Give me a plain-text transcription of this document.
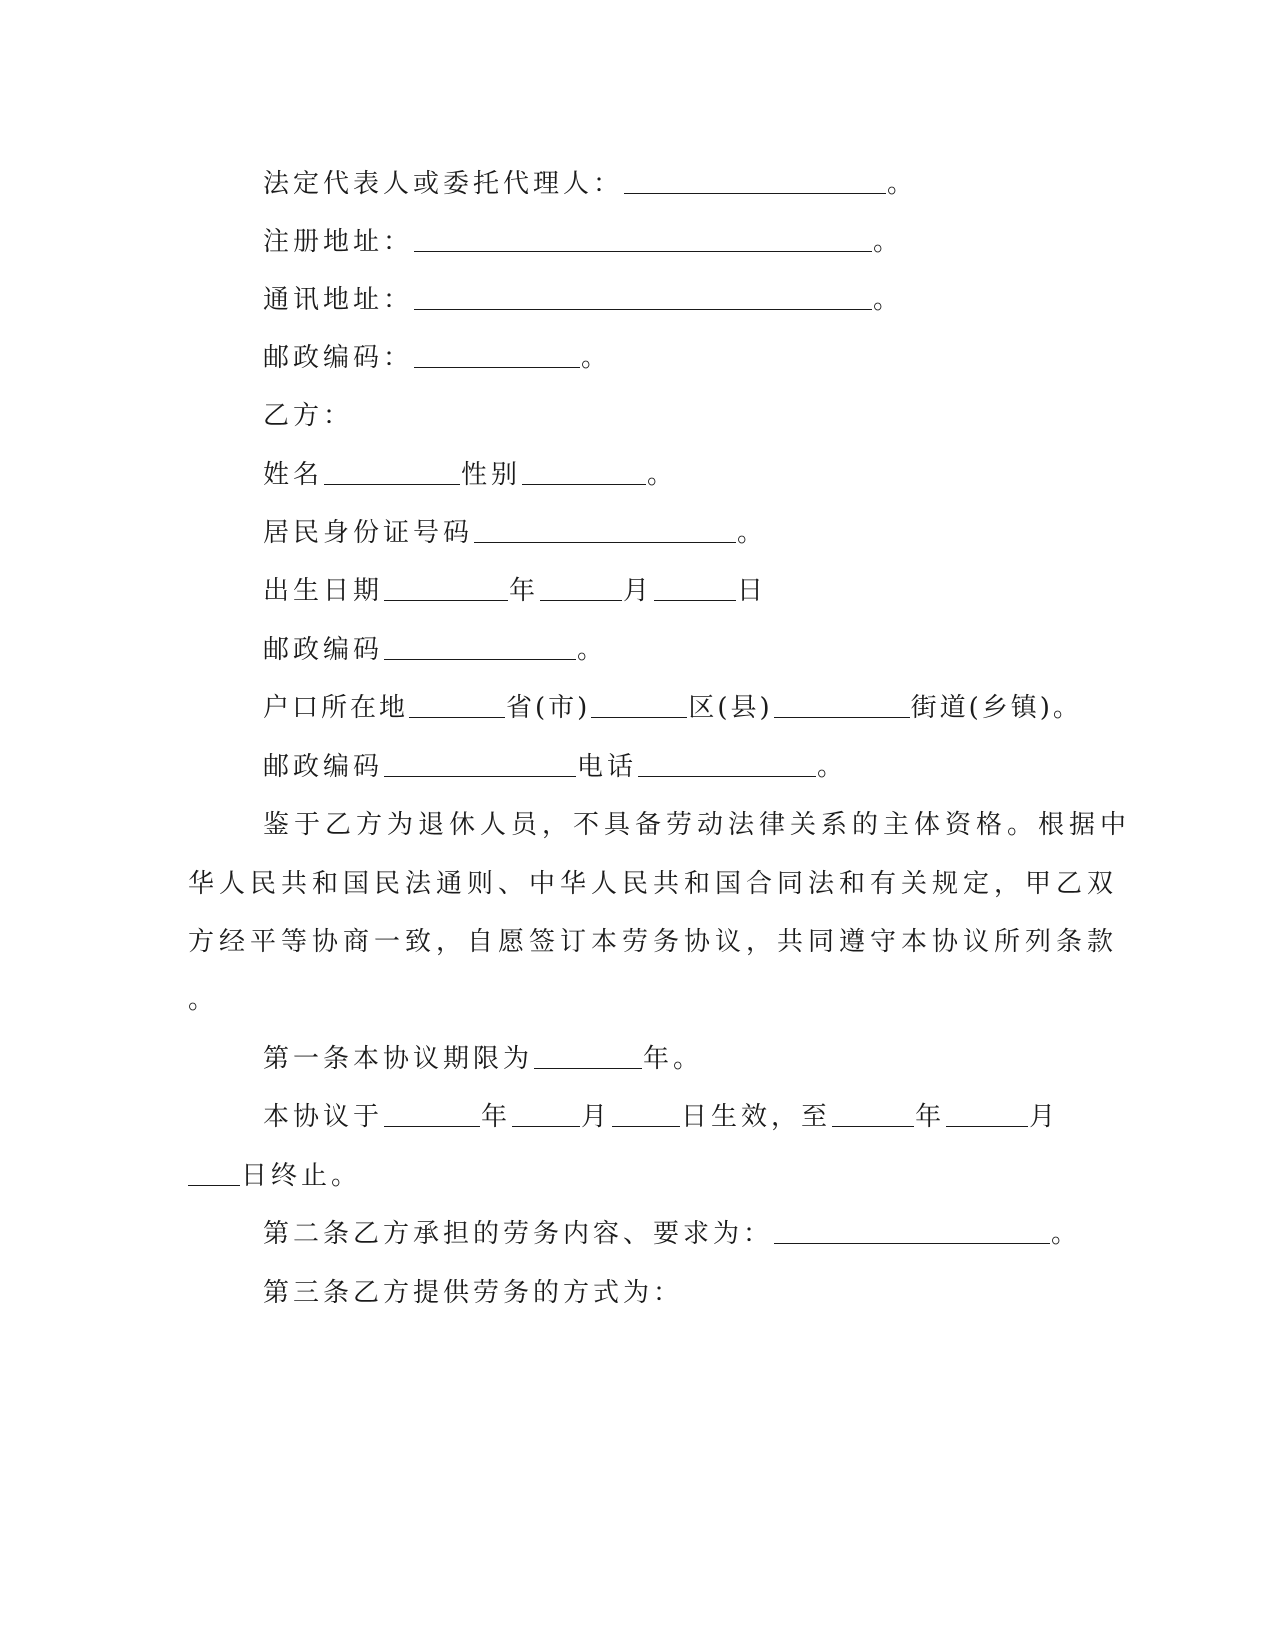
法定代表人或委托代理人：	。
注册地址：	。
通讯地址：	。
邮政编码：	。
乙方：
姓名	性别	。
居民身份证号码	。
出生日期	年	月	日
邮政编码	。
户口所在地	省(市)	区(县)	街道(乡镇)。
邮政编码	电话	。
鉴于乙方为退休人员，不具备劳动法律关系的主体资格。根据中
华人民共和国民法通则、中华人民共和国合同法和有关规定，甲乙双
方经平等协商一致，自愿签订本劳务协议，共同遵守本协议所列条款
。
第一条本协议期限为	年。
本协议于	年	月	日生效，至	年	月
日终止。
第二条乙方承担的劳务内容、要求为：	。
第三条乙方提供劳务的方式为：
